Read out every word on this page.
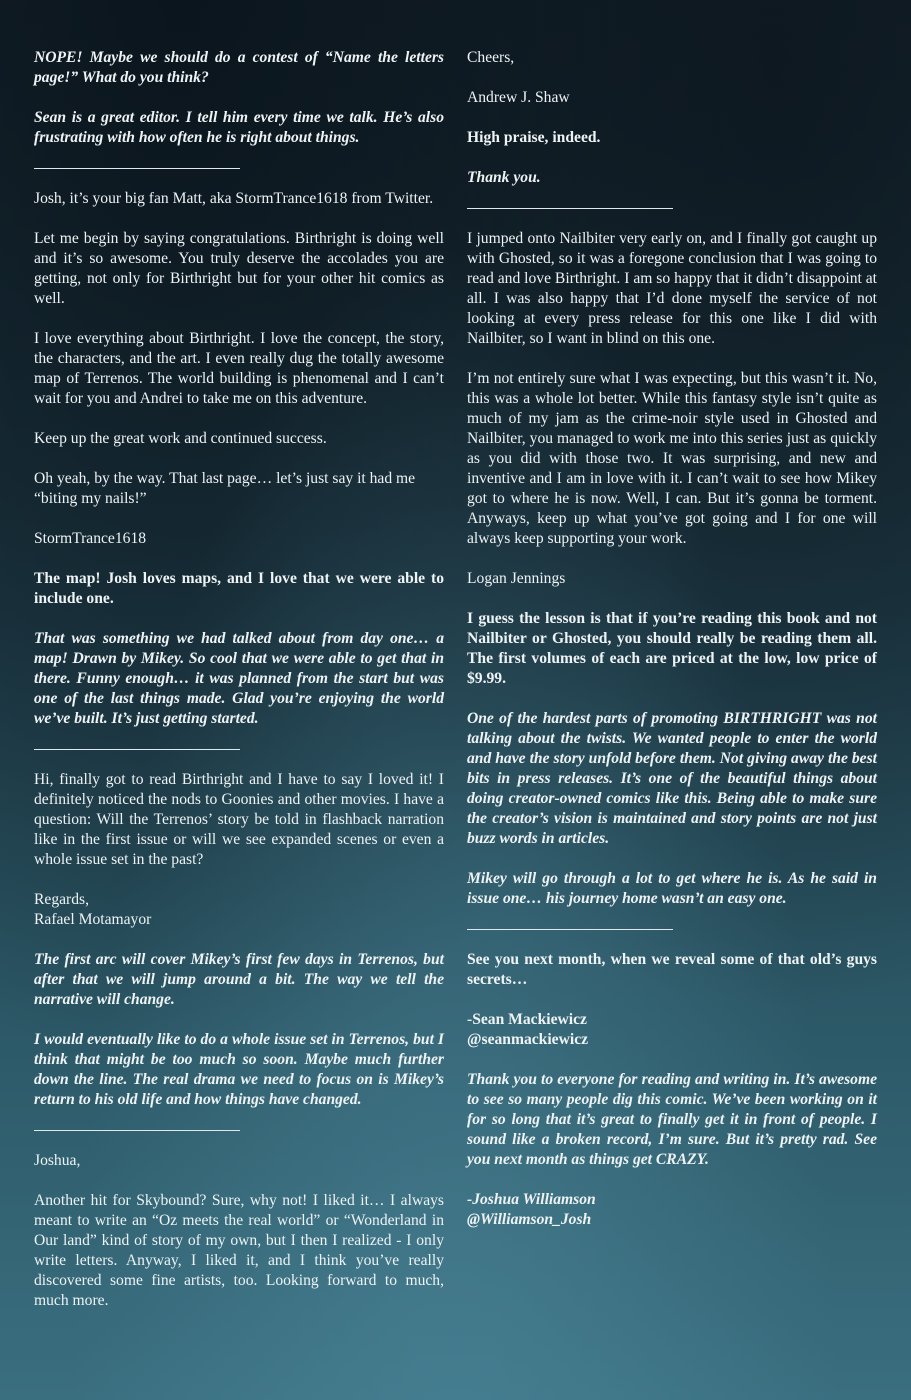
NOPE! Maybe we should do a contest of “Name the letters page!” What do you think?

Sean is a great editor. I tell him every time we talk. He’s also frustrating with how often he is right about things.

Josh, it’s your big fan Matt, aka StormTrance1618 from Twitter.

Let me begin by saying congratulations. Birthright is doing well and it’s so awesome. You truly deserve the accolades you are getting, not only for Birthright but for your other hit comics as well.

I love everything about Birthright. I love the concept, the story, the characters, and the art. I even really dug the totally awesome map of Terrenos. The world building is phenomenal and I can’t wait for you and Andrei to take me on this adventure.

Keep up the great work and continued success.

Oh yeah, by the way. That last page… let’s just say it had me “biting my nails!”

StormTrance1618

The map! Josh loves maps, and I love that we were able to include one.

That was something we had talked about from day one… a map! Drawn by Mikey. So cool that we were able to get that in there. Funny enough… it was planned from the start but was one of the last things made. Glad you’re enjoying the world we’ve built. It’s just getting started.

Hi, finally got to read Birthright and I have to say I loved it! I definitely noticed the nods to Goonies and other movies. I have a question: Will the Terrenos’ story be told in flashback narration like in the first issue or will we see expanded scenes or even a whole issue set in the past?

Regards,

Rafael Motamayor

The first arc will cover Mikey’s first few days in Terrenos, but after that we will jump around a bit. The way we tell the narrative will change.

I would eventually like to do a whole issue set in Terrenos, but I think that might be too much so soon. Maybe much further down the line. The real drama we need to focus on is Mikey’s return to his old life and how things have changed.

Joshua,

Another hit for Skybound? Sure, why not! I liked it… I always meant to write an “Oz meets the real world” or “Wonderland in Our land” kind of story of my own, but I then I realized - I only write letters. Anyway, I liked it, and I think you’ve really discovered some fine artists, too. Looking forward to much, much more.

Cheers,

Andrew J. Shaw

High praise, indeed.

Thank you.

I jumped onto Nailbiter very early on, and I finally got caught up with Ghosted, so it was a foregone conclusion that I was going to read and love Birthright. I am so happy that it didn’t disappoint at all. I was also happy that I’d done myself the service of not looking at every press release for this one like I did with Nailbiter, so I want in blind on this one.

I’m not entirely sure what I was expecting, but this wasn’t it. No, this was a whole lot better. While this fantasy style isn’t quite as much of my jam as the crime-noir style used in Ghosted and Nailbiter, you managed to work me into this series just as quickly as you did with those two. It was surprising, and new and inventive and I am in love with it. I can’t wait to see how Mikey got to where he is now. Well, I can. But it’s gonna be torment. Anyways, keep up what you’ve got going and I for one will always keep supporting your work.

Logan Jennings

I guess the lesson is that if you’re reading this book and not Nailbiter or Ghosted, you should really be reading them all. The first volumes of each are priced at the low, low price of $9.99.

One of the hardest parts of promoting BIRTHRIGHT was not talking about the twists. We wanted people to enter the world and have the story unfold before them. Not giving away the best bits in press releases. It’s one of the beautiful things about doing creator-owned comics like this. Being able to make sure the creator’s vision is maintained and story points are not just buzz words in articles.

Mikey will go through a lot to get where he is. As he said in issue one… his journey home wasn’t an easy one.

See you next month, when we reveal some of that old’s guys secrets…

-Sean Mackiewicz

@seanmackiewicz

Thank you to everyone for reading and writing in. It’s awesome to see so many people dig this comic. We’ve been working on it for so long that it’s great to finally get it in front of people. I sound like a broken record, I’m sure. But it’s pretty rad. See you next month as things get CRAZY.

-Joshua Williamson

@Williamson_Josh
